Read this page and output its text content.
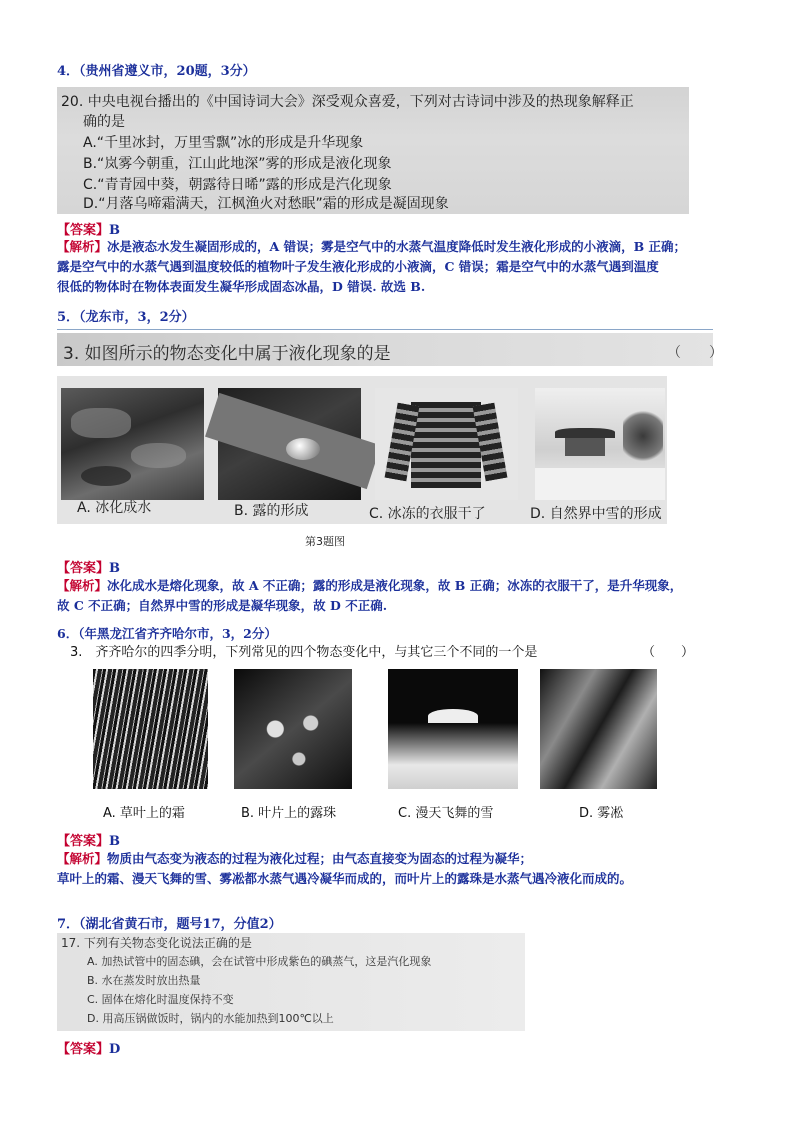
4．（贵州省遵义市，20题，3分）
20. 中央电视台播出的《中国诗词大会》深受观众喜爱，下列对古诗词中涉及的热现象解释正
确的是
A.“千里冰封，万里雪飘”冰的形成是升华现象
B.“岚雾今朝重，江山此地深”雾的形成是液化现象
C.“青青园中葵，朝露待日晞”露的形成是汽化现象
D.“月落乌啼霜满天，江枫渔火对愁眠”霜的形成是凝固现象
【答案】B
【解析】冰是液态水发生凝固形成的，A 错误；雾是空气中的水蒸气温度降低时发生液化形成的小液滴，B 正确；
露是空气中的水蒸气遇到温度较低的植物叶子发生液化形成的小液滴，C 错误；霜是空气中的水蒸气遇到温度
很低的物体时在物体表面发生凝华形成固态冰晶，D 错误. 故选 B.
5．（龙东市，3，2分）
3. 如图所示的物态变化中属于液化现象的是	（　　）
A. 冰化成水	B. 露的形成	C. 冰冻的衣服干了	D. 自然界中雪的形成
第3题图
【答案】B
【解析】冰化成水是熔化现象，故 A 不正确；露的形成是液化现象，故 B 正确；冰冻的衣服干了，是升华现象，
故 C 不正确；自然界中雪的形成是凝华现象，故 D 不正确.
6．（年黑龙江省齐齐哈尔市，3，2分）
3.　齐齐哈尔的四季分明，下列常见的四个物态变化中，与其它三个不同的一个是	（　　）
A. 草叶上的霜	B. 叶片上的露珠	C. 漫天飞舞的雪	D. 雾凇
【答案】B
【解析】物质由气态变为液态的过程为液化过程；由气态直接变为固态的过程为凝华；
草叶上的霜、漫天飞舞的雪、雾凇都水蒸气遇冷凝华而成的，而叶片上的露珠是水蒸气遇冷液化而成的。
7．（湖北省黄石市，题号17，分值2）
17. 下列有关物态变化说法正确的是
A. 加热试管中的固态碘，会在试管中形成紫色的碘蒸气，这是汽化现象
B. 水在蒸发时放出热量
C. 固体在熔化时温度保持不变
D. 用高压锅做饭时，锅内的水能加热到100℃以上
【答案】D
